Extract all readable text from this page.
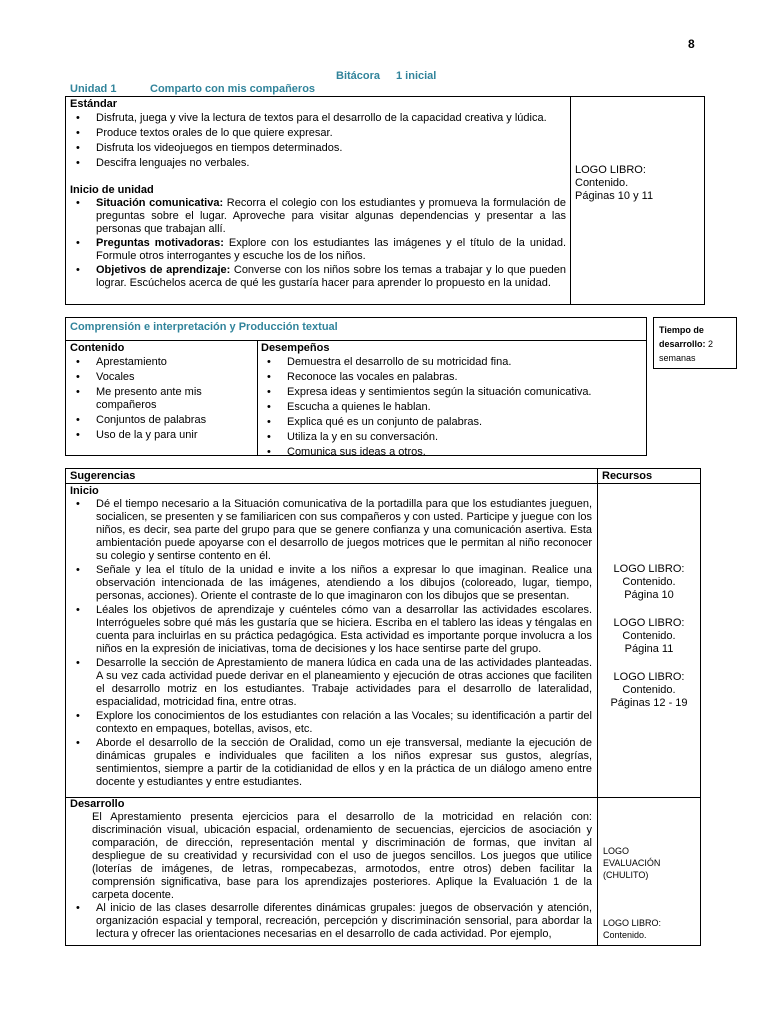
8
Bitácora 1 inicial
Unidad 1	Comparto con mis compañeros
Estándar
• Disfruta, juega y vive la lectura de textos para el desarrollo de la capacidad creativa y lúdica.
• Produce textos orales de lo que quiere expresar.
• Disfruta los videojuegos en tiempos determinados.
• Descifra lenguajes no verbales.
Inicio de unidad
• Situación comunicativa: Recorra el colegio con los estudiantes y promueva la formulación de preguntas sobre el lugar. Aproveche para visitar algunas dependencias y presentar a las personas que trabajan allí.
• Preguntas motivadoras: Explore con los estudiantes las imágenes y el título de la unidad. Formule otros interrogantes y escuche los de los niños.
• Objetivos de aprendizaje: Converse con los niños sobre los temas a trabajar y lo que pueden lograr. Escúchelos acerca de qué les gustaría hacer para aprender lo propuesto en la unidad.
LOGO LIBRO:
Contenido.
Páginas 10 y 11
Comprensión e interpretación y Producción textual
Contenido
• Aprestamiento
• Vocales
• Me presento ante mis compañeros
• Conjuntos de palabras
• Uso de la y para unir
Desempeños
• Demuestra el desarrollo de su motricidad fina.
• Reconoce las vocales en palabras.
• Expresa ideas y sentimientos según la situación comunicativa.
• Escucha a quienes le hablan.
• Explica qué es un conjunto de palabras.
• Utiliza la y en su conversación.
• Comunica sus ideas a otros.
Tiempo de desarrollo: 2 semanas
Sugerencias	Recursos
Inicio
• Dé el tiempo necesario a la Situación comunicativa de la portadilla para que los estudiantes jueguen, socialicen, se presenten y se familiaricen con sus compañeros y con usted. Participe y juegue con los niños, es decir, sea parte del grupo para que se genere confianza y una comunicación asertiva. Esta ambientación puede apoyarse con el desarrollo de juegos motrices que le permitan al niño reconocer su colegio y sentirse contento en él.
• Señale y lea el título de la unidad e invite a los niños a expresar lo que imaginan. Realice una observación intencionada de las imágenes, atendiendo a los dibujos (coloreado, lugar, tiempo, personas, acciones). Oriente el contraste de lo que imaginaron con los dibujos que se presentan.
• Léales los objetivos de aprendizaje y cuénteles cómo van a desarrollar las actividades escolares. Interrógueles sobre qué más les gustaría que se hiciera. Escriba en el tablero las ideas y téngalas en cuenta para incluirlas en su práctica pedagógica. Esta actividad es importante porque involucra a los niños en la expresión de iniciativas, toma de decisiones y los hace sentirse parte del grupo.
• Desarrolle la sección de Aprestamiento de manera lúdica en cada una de las actividades planteadas. A su vez cada actividad puede derivar en el planeamiento y ejecución de otras acciones que faciliten el desarrollo motriz en los estudiantes. Trabaje actividades para el desarrollo de lateralidad, espacialidad, motricidad fina, entre otras.
• Explore los conocimientos de los estudiantes con relación a las Vocales; su identificación a partir del contexto en empaques, botellas, avisos, etc.
• Aborde el desarrollo de la sección de Oralidad, como un eje transversal, mediante la ejecución de dinámicas grupales e individuales que faciliten a los niños expresar sus gustos, alegrías, sentimientos, siempre a partir de la cotidianidad de ellos y en la práctica de un diálogo ameno entre docente y estudiantes y entre estudiantes.
LOGO LIBRO:
Contenido.
Página 10
LOGO LIBRO:
Contenido.
Página 11
LOGO LIBRO:
Contenido.
Páginas 12 - 19
Desarrollo
El Aprestamiento presenta ejercicios para el desarrollo de la motricidad en relación con: discriminación visual, ubicación espacial, ordenamiento de secuencias, ejercicios de asociación y comparación, de dirección, representación mental y discriminación de formas, que invitan al despliegue de su creatividad y recursividad con el uso de juegos sencillos. Los juegos que utilice (loterías de imágenes, de letras, rompecabezas, armotodos, entre otros) deben facilitar la comprensión significativa, base para los aprendizajes posteriores. Aplique la Evaluación 1 de la carpeta docente.
• Al inicio de las clases desarrolle diferentes dinámicas grupales: juegos de observación y atención, organización espacial y temporal, recreación, percepción y discriminación sensorial, para abordar la lectura y ofrecer las orientaciones necesarias en el desarrollo de cada actividad. Por ejemplo,
LOGO
EVALUACIÓN
(CHULITO)
LOGO LIBRO:
Contenido.
